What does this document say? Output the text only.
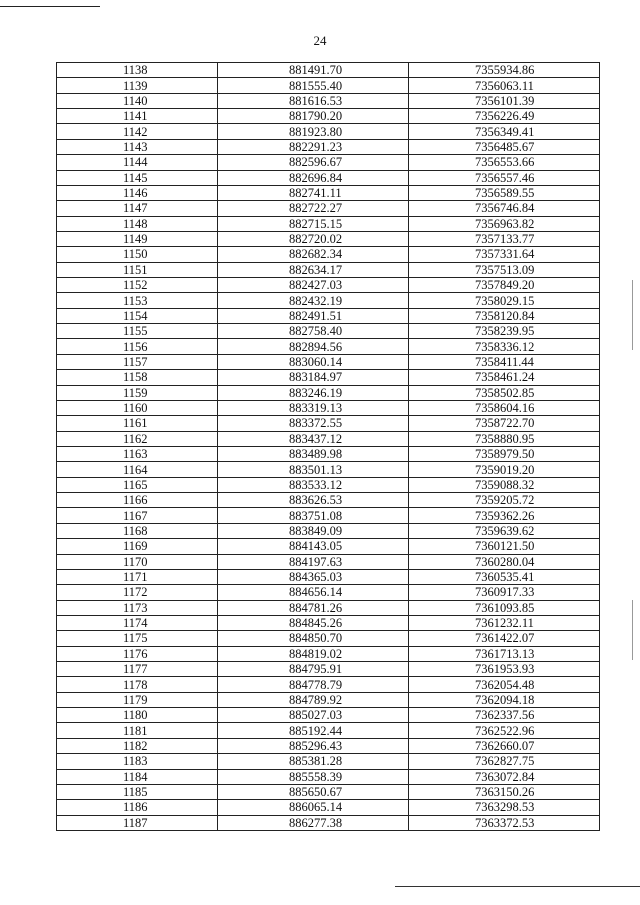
24
1138	881491.70	7355934.86
1139	881555.40	7356063.11
1140	881616.53	7356101.39
1141	881790.20	7356226.49
1142	881923.80	7356349.41
1143	882291.23	7356485.67
1144	882596.67	7356553.66
1145	882696.84	7356557.46
1146	882741.11	7356589.55
1147	882722.27	7356746.84
1148	882715.15	7356963.82
1149	882720.02	7357133.77
1150	882682.34	7357331.64
1151	882634.17	7357513.09
1152	882427.03	7357849.20
1153	882432.19	7358029.15
1154	882491.51	7358120.84
1155	882758.40	7358239.95
1156	882894.56	7358336.12
1157	883060.14	7358411.44
1158	883184.97	7358461.24
1159	883246.19	7358502.85
1160	883319.13	7358604.16
1161	883372.55	7358722.70
1162	883437.12	7358880.95
1163	883489.98	7358979.50
1164	883501.13	7359019.20
1165	883533.12	7359088.32
1166	883626.53	7359205.72
1167	883751.08	7359362.26
1168	883849.09	7359639.62
1169	884143.05	7360121.50
1170	884197.63	7360280.04
1171	884365.03	7360535.41
1172	884656.14	7360917.33
1173	884781.26	7361093.85
1174	884845.26	7361232.11
1175	884850.70	7361422.07
1176	884819.02	7361713.13
1177	884795.91	7361953.93
1178	884778.79	7362054.48
1179	884789.92	7362094.18
1180	885027.03	7362337.56
1181	885192.44	7362522.96
1182	885296.43	7362660.07
1183	885381.28	7362827.75
1184	885558.39	7363072.84
1185	885650.67	7363150.26
1186	886065.14	7363298.53
1187	886277.38	7363372.53
